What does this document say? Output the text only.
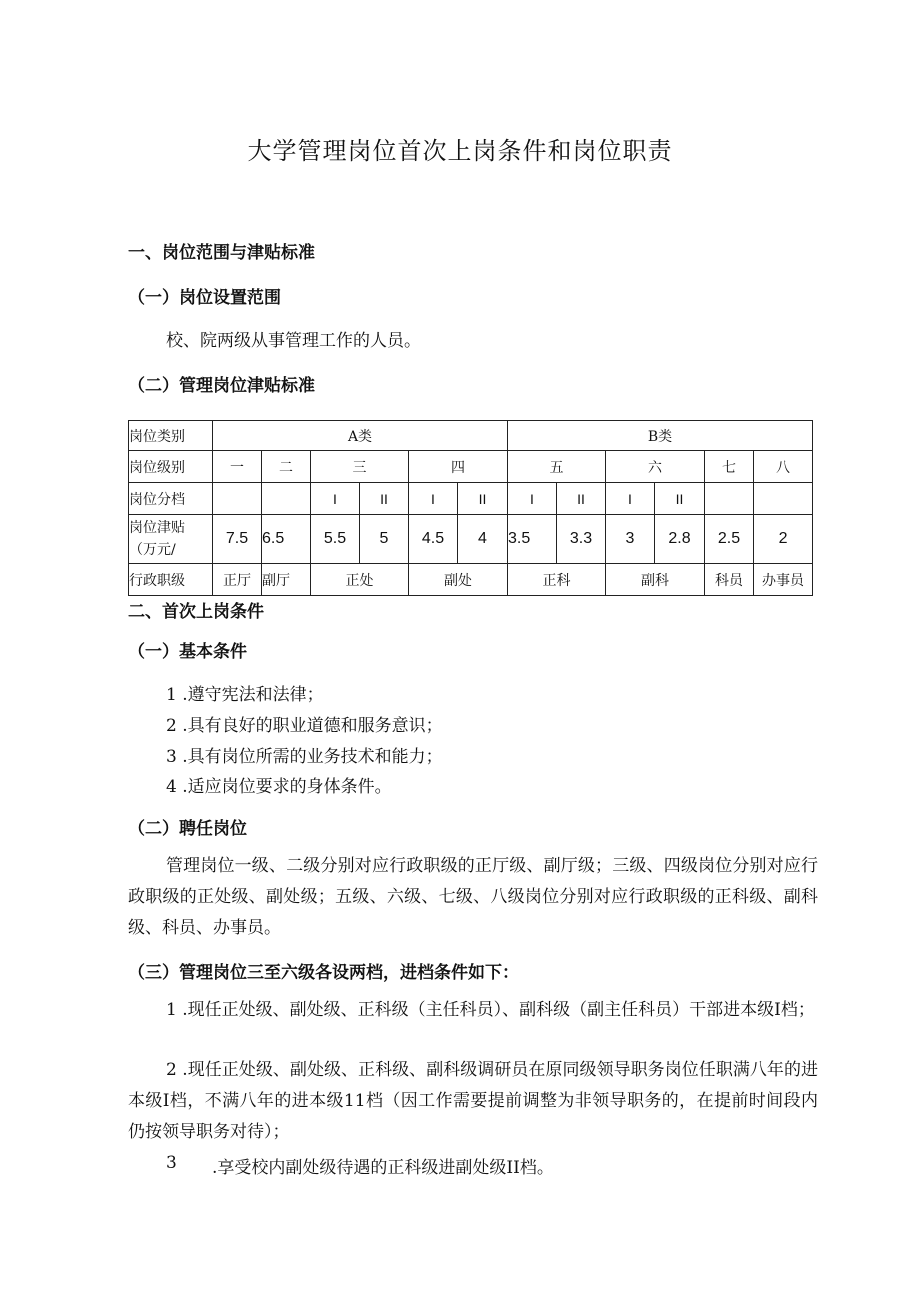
大学管理岗位首次上岗条件和岗位职责
一、岗位范围与津贴标准
（一）岗位设置范围
校、院两级从事管理工作的人员。
（二）管理岗位津贴标准
岗位类别	A类						B类					
岗位级别	一	二	三		四		五		六		七	八
岗位分档			I	II	I	II	I	II	I	II		
岗位津贴（万元/	7.5	6.5	5.5	5	4.5	4	3.5	3.3	3	2.8	2.5	2
行政职级	正厅	副厅	正处		副处		正科		副科		科员	办事员
二、首次上岗条件
（一）基本条件
1 .遵守宪法和法律；
2 .具有良好的职业道德和服务意识；
3 .具有岗位所需的业务技术和能力；
4 .适应岗位要求的身体条件。
（二）聘任岗位
管理岗位一级、二级分别对应行政职级的正厅级、副厅级；三级、四级岗位分别对应行政职级的正处级、副处级；五级、六级、七级、八级岗位分别对应行政职级的正科级、副科级、科员、办事员。
（三）管理岗位三至六级各设两档，进档条件如下：
1 .现任正处级、副处级、正科级（主任科员）、副科级（副主任科员）干部进本级I档；
2 .现任正处级、副处级、正科级、副科级调研员在原同级领导职务岗位任职满八年的进本级I档，不满八年的进本级11档（因工作需要提前调整为非领导职务的，在提前时间段内仍按领导职务对待）；
3 .享受校内副处级待遇的正科级进副处级II档。
